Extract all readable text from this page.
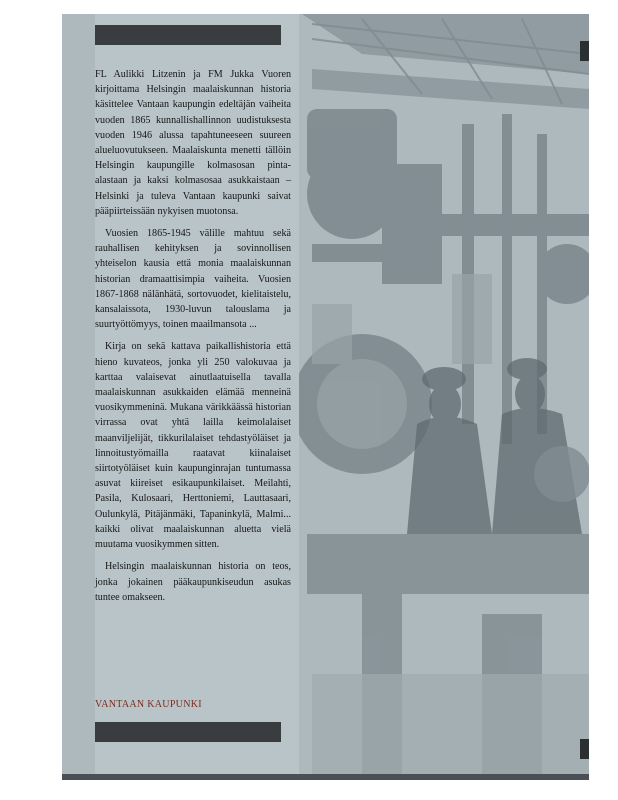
FL Aulikki Litzenin ja FM Jukka Vuoren kirjoittama Helsingin maalaiskunnan historia käsittelee Vantaan kaupungin edeltäjän vaiheita vuoden 1865 kunnallishallinnon uudistuksesta vuoden 1946 alussa tapahtuneeseen suureen alueluovutukseen. Maalaiskunta menetti tällöin Helsingin kaupungille kolmasosan pinta-alastaan ja kaksi kolmasosaa asukkaistaan – Helsinki ja tuleva Vantaan kaupunki saivat pääpiirteissään nykyisen muotonsa.

Vuosien 1865-1945 välille mahtuu sekä rauhallisen kehityksen ja sovinnollisen yhteiselon kausia että monia maalaiskunnan historian dramaattisimpia vaiheita. Vuosien 1867-1868 nälänhätä, sortovuodet, kielitaistelu, kansalaissota, 1930-luvun talouslama ja suurtyöttömyys, toinen maailmansota ...

Kirja on sekä kattava paikallishistoria että hieno kuvateos, jonka yli 250 valokuvaa ja karttaa valaisevat ainutlaatuisella tavalla maalaiskunnan asukkaiden elämää menneinä vuosikymmeninä. Mukana värikkäässä historian virrassa ovat yhtä lailla keimolalaiset maanviljelijät, tikkurilalaiset tehdastyöläiset ja linnoitustyömailla raatavat kiinalaiset siirtotyöläiset kuin kaupunginrajan tuntumassa asuvat kiireiset esikaupunkilaiset. Meilahti, Pasila, Kulosaari, Herttoniemi, Lauttasaari, Oulunkylä, Pitäjänmäki, Tapaninkylä, Malmi... kaikki olivat maalaiskunnan aluetta vielä muutama vuosikymmen sitten.

Helsingin maalaiskunnan historia on teos, jonka jokainen pääkaupunkiseudun asukas tuntee omakseen.

VANTAAN KAUPUNKI
